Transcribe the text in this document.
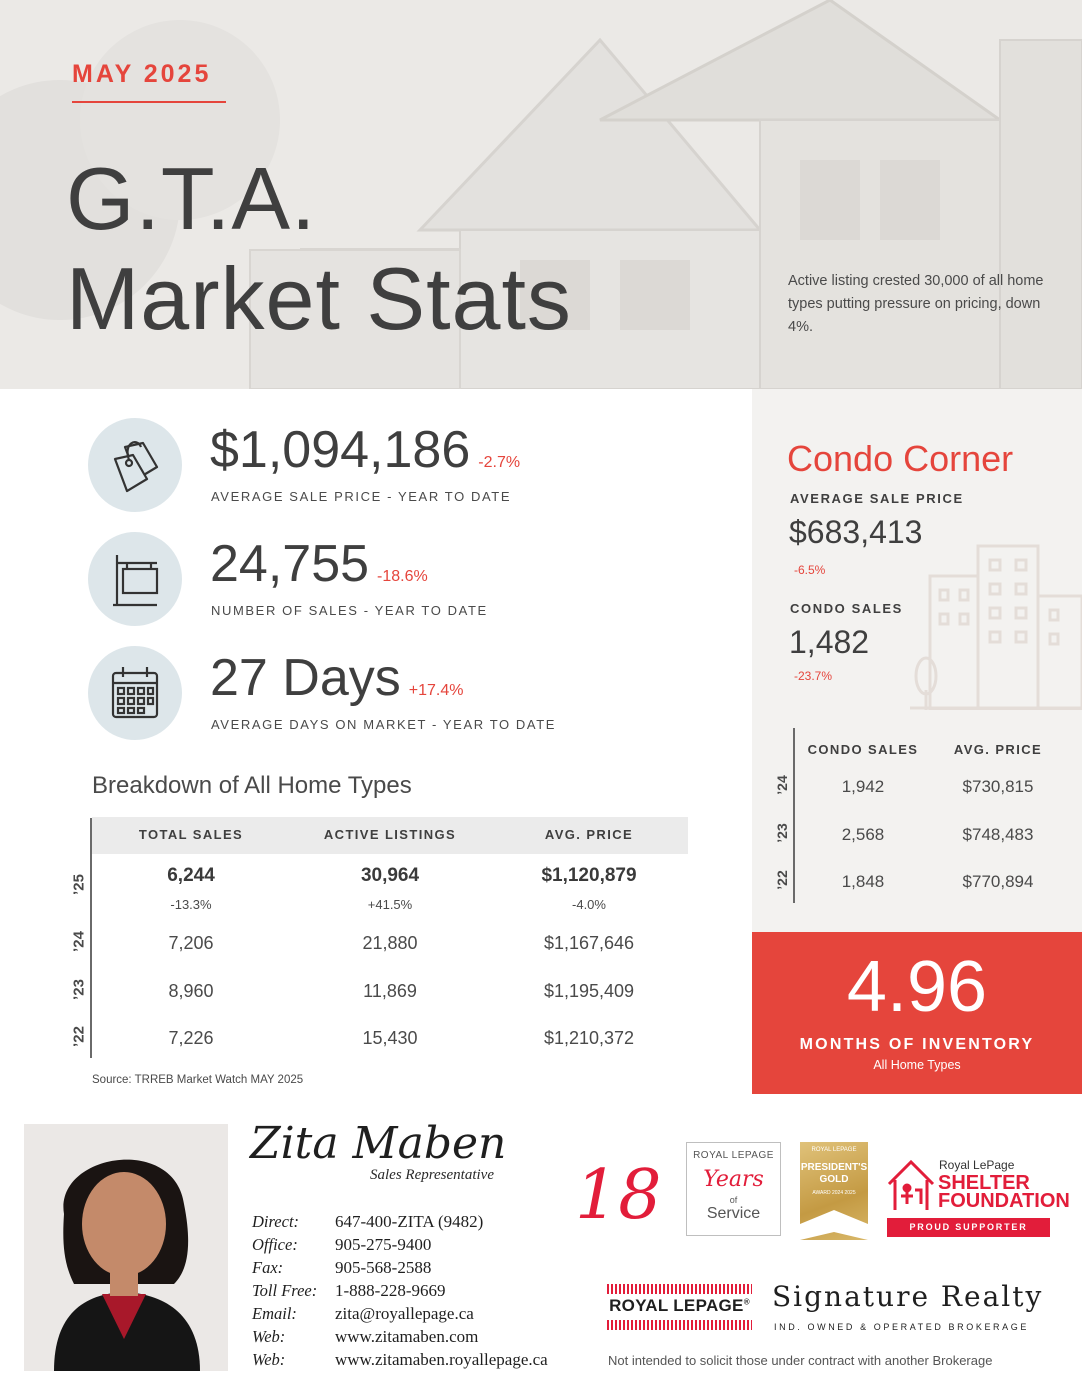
MAY 2025
G.T.A.
Market Stats	Active listing crested 30,000 of all home types putting pressure on pricing, down 4%.
$1,094,186 -2.7%
AVERAGE SALE PRICE - YEAR TO DATE
24,755 -18.6%
NUMBER OF SALES - YEAR TO DATE
27 Days +17.4%
AVERAGE DAYS ON MARKET - YEAR TO DATE
Breakdown of All Home Types
TOTAL SALES	ACTIVE LISTINGS	AVG. PRICE
’25	6,244	30,964	$1,120,879
-13.3%	+41.5%	-4.0%
’24	7,206	21,880	$1,167,646
’23	8,960	11,869	$1,195,409
’22	7,226	15,430	$1,210,372
Source: TRREB Market Watch MAY 2025
Condo Corner
AVERAGE SALE PRICE
$683,413
-6.5%
CONDO SALES
1,482
-23.7%
CONDO SALES	AVG. PRICE
’24	1,942	$730,815
’23	2,568	$748,483
’22	1,848	$770,894
4.96
MONTHS OF INVENTORY
All Home Types
Zita Maben
Sales Representative
Direct: 647-400-ZITA (9482)
Office: 905-275-9400
Fax:	905-568-2588
Toll Free: 1-888-228-9669
Email: zita@royallepage.ca
Web:	www.zitamaben.com
Web:	www.zitamaben.royallepage.ca
18
ROYAL LEPAGE
Years
of
Service
ROYAL LEPAGE
PRESIDENT'S GOLD
AWARD 2024 2025
Royal LePage
SHELTER
FOUNDATION
PROUD SUPPORTER
ROYAL LEPAGE® Signature Realty
IND. OWNED & OPERATED BROKERAGE
Not intended to solicit those under contract with another Brokerage
